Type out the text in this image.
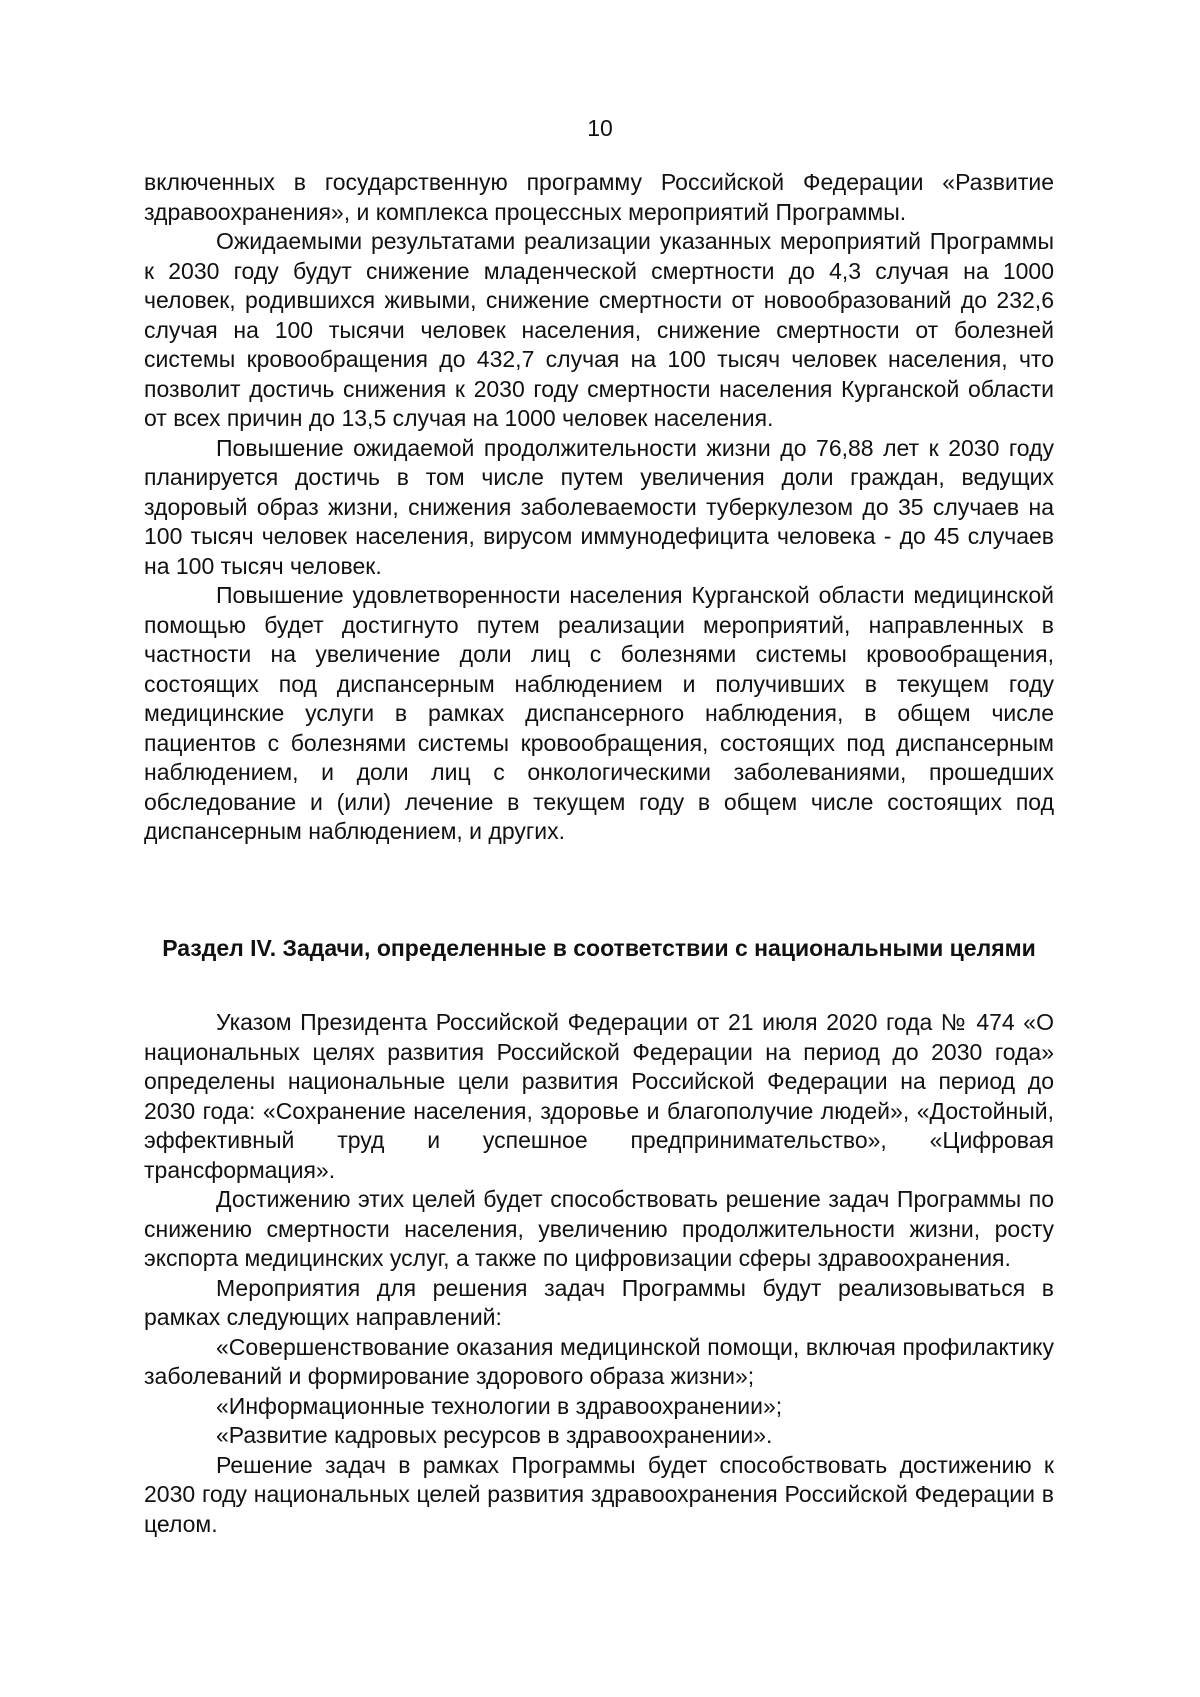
10

включенных в государственную программу Российской Федерации «Развитие здравоохранения», и комплекса процессных мероприятий Программы.

Ожидаемыми результатами реализации указанных мероприятий Программы к 2030 году будут снижение младенческой смертности до 4,3 случая на 1000 человек, родившихся живыми, снижение смертности от новообразований до 232,6 случая на 100 тысячи человек населения, снижение смертности от болезней системы кровообращения до 432,7 случая на 100 тысяч человек населения, что позволит достичь снижения к 2030 году смертности населения Курганской области от всех причин до 13,5 случая на 1000 человек населения.

Повышение ожидаемой продолжительности жизни до 76,88 лет к 2030 году планируется достичь в том числе путем увеличения доли граждан, ведущих здоровый образ жизни, снижения заболеваемости туберкулезом до 35 случаев на 100 тысяч человек населения, вирусом иммунодефицита человека - до 45 случаев на 100 тысяч человек.

Повышение удовлетворенности населения Курганской области медицинской помощью будет достигнуто путем реализации мероприятий, направленных в частности на увеличение доли лиц с болезнями системы кровообращения, состоящих под диспансерным наблюдением и получивших в текущем году медицинские услуги в рамках диспансерного наблюдения, в общем числе пациентов с болезнями системы кровообращения, состоящих под диспансерным наблюдением, и доли лиц с онкологическими заболеваниями, прошедших обследование и (или) лечение в текущем году в общем числе состоящих под диспансерным наблюдением, и других.

Раздел IV. Задачи, определенные в соответствии с национальными целями

Указом Президента Российской Федерации от 21 июля 2020 года № 474 «О национальных целях развития Российской Федерации на период до 2030 года» определены национальные цели развития Российской Федерации на период до 2030 года: «Сохранение населения, здоровье и благополучие людей», «Достойный, эффективный труд и успешное предпринимательство», «Цифровая трансформация».

Достижению этих целей будет способствовать решение задач Программы по снижению смертности населения, увеличению продолжительности жизни, росту экспорта медицинских услуг, а также по цифровизации сферы здравоохранения.

Мероприятия для решения задач Программы будут реализовываться в рамках следующих направлений:

«Совершенствование оказания медицинской помощи, включая профилактику заболеваний и формирование здорового образа жизни»;

«Информационные технологии в здравоохранении»;

«Развитие кадровых ресурсов в здравоохранении».

Решение задач в рамках Программы будет способствовать достижению к 2030 году национальных целей развития здравоохранения Российской Федерации в целом.
